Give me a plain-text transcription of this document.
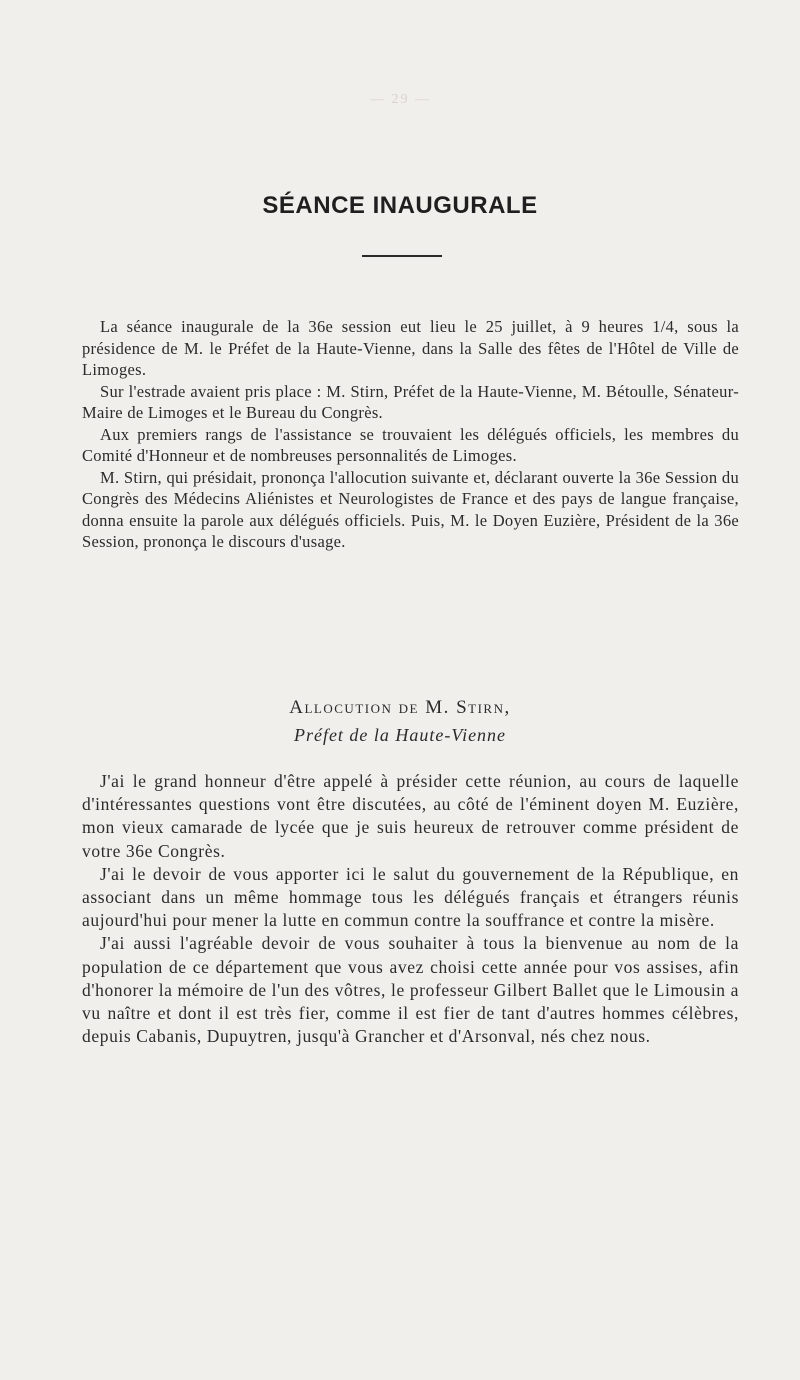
— 29 —
SÉANCE INAUGURALE

La séance inaugurale de la 36e session eut lieu le 25 juillet, à 9 heures 1/4, sous la présidence de M. le Préfet de la Haute-Vienne, dans la Salle des fêtes de l'Hôtel de Ville de Limoges.

Sur l'estrade avaient pris place : M. Stirn, Préfet de la Haute-Vienne, M. Bétoulle, Sénateur-Maire de Limoges et le Bureau du Congrès.

Aux premiers rangs de l'assistance se trouvaient les délégués officiels, les membres du Comité d'Honneur et de nombreuses personnalités de Limoges.

M. Stirn, qui présidait, prononça l'allocution suivante et, déclarant ouverte la 36e Session du Congrès des Médecins Aliénistes et Neurologistes de France et des pays de langue française, donna ensuite la parole aux délégués officiels. Puis, M. le Doyen Euzière, Président de la 36e Session, prononça le discours d'usage.

Allocution de M. Stirn,
Préfet de la Haute-Vienne

J'ai le grand honneur d'être appelé à présider cette réunion, au cours de laquelle d'intéressantes questions vont être discutées, au côté de l'éminent doyen M. Euzière, mon vieux camarade de lycée que je suis heureux de retrouver comme président de votre 36e Congrès.

J'ai le devoir de vous apporter ici le salut du gouvernement de la République, en associant dans un même hommage tous les délégués français et étrangers réunis aujourd'hui pour mener la lutte en commun contre la souffrance et contre la misère.

J'ai aussi l'agréable devoir de vous souhaiter à tous la bienvenue au nom de la population de ce département que vous avez choisi cette année pour vos assises, afin d'honorer la mémoire de l'un des vôtres, le professeur Gilbert Ballet que le Limousin a vu naître et dont il est très fier, comme il est fier de tant d'autres hommes célèbres, depuis Cabanis, Dupuytren, jusqu'à Grancher et d'Arsonval, nés chez nous.
